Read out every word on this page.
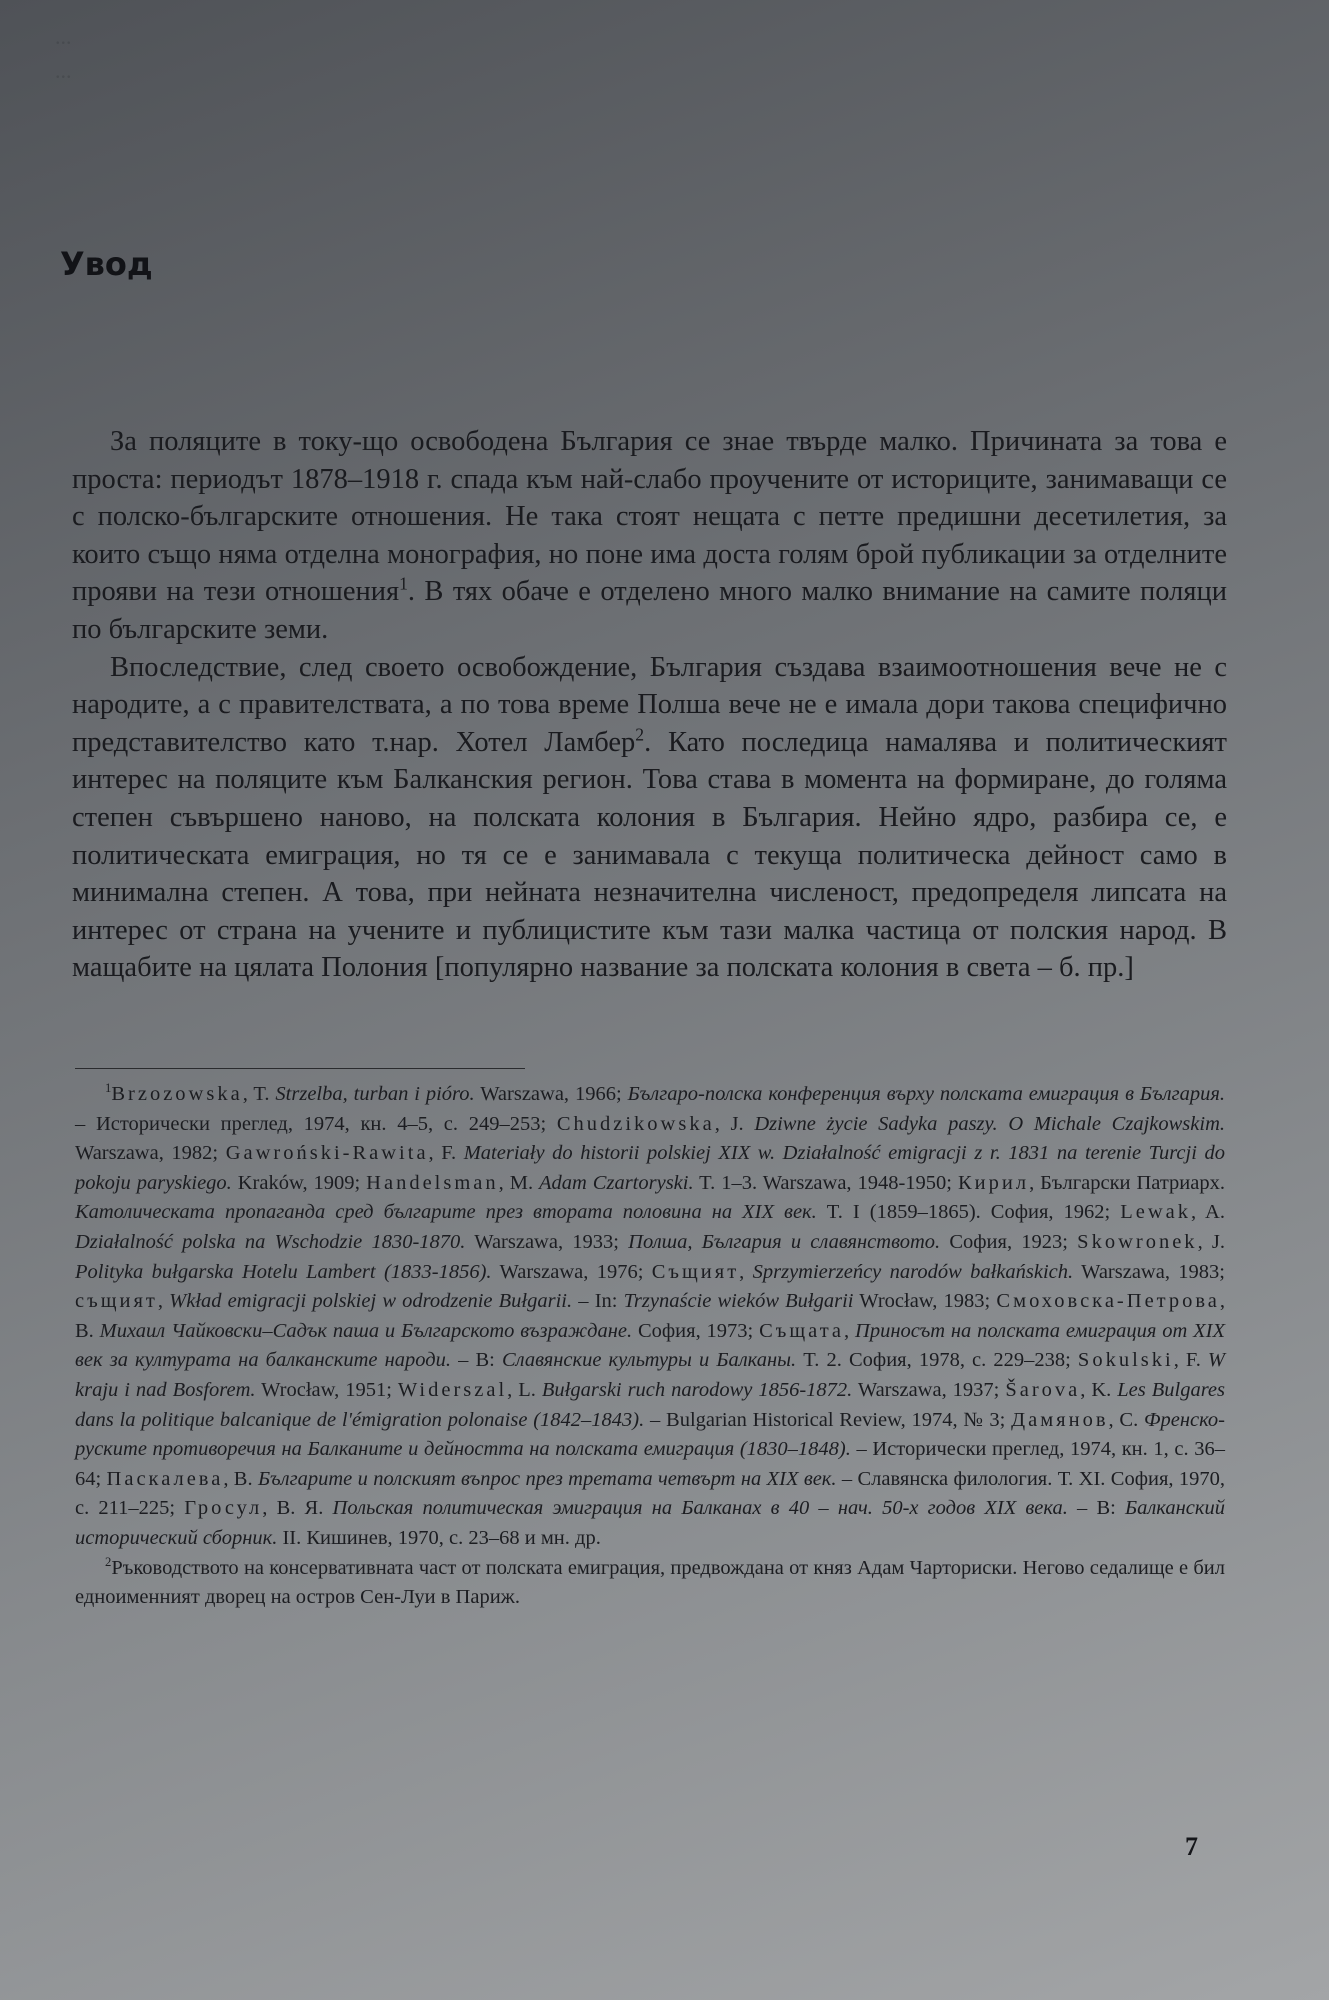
...
...
Увод

За поляците в току-що освободена България се знае твърде малко. Причината за това е проста: периодът 1878–1918 г. спада към най-слабо проучените от историците, занимаващи се с полско-българските отношения. Не така стоят нещата с петте предишни десетилетия, за които също няма отделна монография, но поне има доста голям брой публикации за отделните прояви на тези отношения$^1$. В тях обаче е отделено много малко внимание на самите поляци по българските земи.

Впоследствие, след своето освобождение, България създава взаимоотношения вече не с народите, а с правителствата, а по това време Полша вече не е имала дори такова специфично представителство като т.нар. Хотел Ламбер$^2$. Като последица намалява и политическият интерес на поляците към Балканския регион. Това става в момента на формиране, до голяма степен съвършено наново, на полската колония в България. Нейно ядро, разбира се, е политическата емиграция, но тя се е занимавала с текуща политическа дейност само в минимална степен. А това, при нейната незначителна численост, предопределя липсата на интерес от страна на учените и публицистите към тази малка частица от полския народ. В мащабите на цялата Полония [популярно название за полската колония в света – б. пр.]

$^1$Brzozowska, T. Strzelba, turban i pióro. Warszawa, 1966; Българо-полска конференция върху полската емиграция в България. – Исторически преглед, 1974, кн. 4–5, с. 249–253; Chudzikowska, J. Dziwne życie Sadyka paszy. O Michale Czajkowskim. Warszawa, 1982; Gawroński-Rawita, F. Materiały do historii polskiej XIX w. Działalność emigracji z r. 1831 na terenie Turcji do pokoju paryskiego. Kraków, 1909; Handelsman, M. Adam Czartoryski. T. 1–3. Warszawa, 1948-1950; Кирил, Български Патриарх. Католическата пропаганда сред българите през втората половина на XIX век. T. I (1859–1865). София, 1962; Lewak, A. Działalność polska na Wschodzie 1830-1870. Warszawa, 1933; Полша, България и славянството. София, 1923; Skowronek, J. Polityka bułgarska Hotelu Lambert (1833-1856). Warszawa, 1976; Същият, Sprzymierzeńcy narodów bałkańskich. Warszawa, 1983; същият, Wkład emigracji polskiej w odrodzenie Bułgarii. – In: Trzynaście wieków Bułgarii Wrocław, 1983; Смоховска-Петрова, В. Михаил Чайковски–Садък паша и Българското възраждане. София, 1973; Същата, Приносът на полската емиграция от XIX век за културата на балканските народи. – В: Славянские культуры и Балканы. T. 2. София, 1978, с. 229–238; Sokulski, F. W kraju i nad Bosforem. Wrocław, 1951; Widerszal, L. Bułgarski ruch narodowy 1856-1872. Warszawa, 1937; Šarova, K. Les Bulgares dans la politique balcanique de l'émigration polonaise (1842–1843). – Bulgarian Historical Review, 1974, № 3; Дамянов, С. Френско-руските противоречия на Балканите и дейността на полската емиграция (1830–1848). – Исторически преглед, 1974, кн. 1, с. 36–64; Паскалева, В. Българите и полският въпрос през третата четвърт на XIX век. – Славянска филология. Т. XI. София, 1970, с. 211–225; Гросул, В. Я. Польская политическая эмиграция на Балканах в 40 – нач. 50-х годов XIX века. – В: Балканский исторический сборник. II. Кишинев, 1970, с. 23–68 и мн. др.

$^2$Ръководството на консервативната част от полската емиграция, предвождана от княз Адам Чарториски. Негово седалище е бил едноименният дворец на остров Сен-Луи в Париж.

7
